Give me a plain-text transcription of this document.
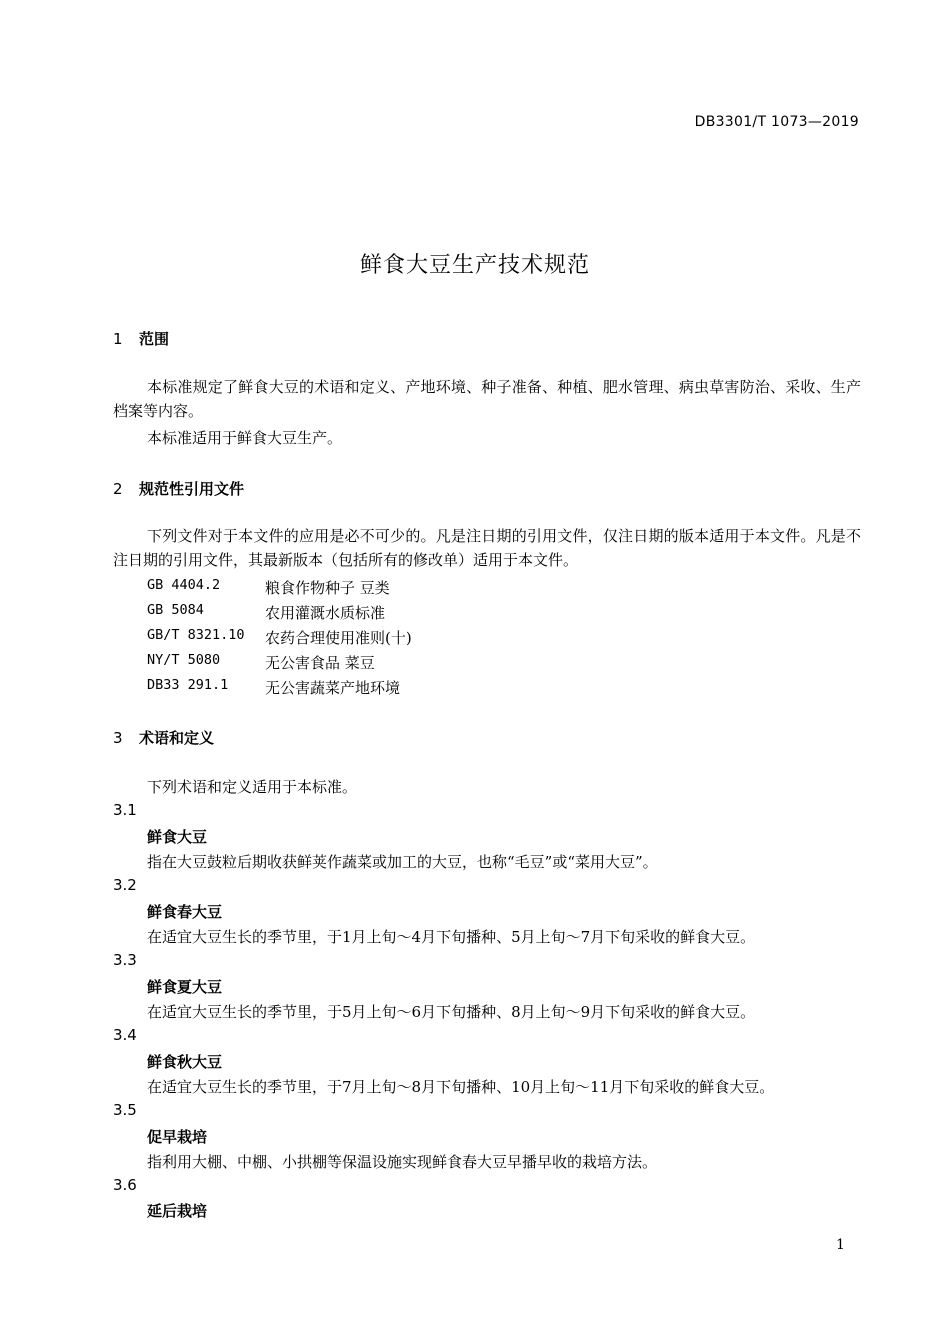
DB3301/T 1073—2019
鲜食大豆生产技术规范
1 范围
本标准规定了鲜食大豆的术语和定义、产地环境、种子准备、种植、肥水管理、病虫草害防治、采收、生产档案等内容。
本标准适用于鲜食大豆生产。
2 规范性引用文件
下列文件对于本文件的应用是必不可少的。凡是注日期的引用文件，仅注日期的版本适用于本文件。凡是不注日期的引用文件，其最新版本（包括所有的修改单）适用于本文件。
GB 4404.2	粮食作物种子 豆类
GB 5084	农用灌溉水质标准
GB/T 8321.10	农药合理使用准则(十)
NY/T 5080	无公害食品 菜豆
DB33 291.1	无公害蔬菜产地环境
3 术语和定义
下列术语和定义适用于本标准。
3.1
鲜食大豆
指在大豆鼓粒后期收获鲜荚作蔬菜或加工的大豆，也称“毛豆”或“菜用大豆”。
3.2
鲜食春大豆
在适宜大豆生长的季节里，于1月上旬～4月下旬播种、5月上旬～7月下旬采收的鲜食大豆。
3.3
鲜食夏大豆
在适宜大豆生长的季节里，于5月上旬～6月下旬播种、8月上旬～9月下旬采收的鲜食大豆。
3.4
鲜食秋大豆
在适宜大豆生长的季节里，于7月上旬～8月下旬播种、10月上旬～11月下旬采收的鲜食大豆。
3.5
促早栽培
指利用大棚、中棚、小拱棚等保温设施实现鲜食春大豆早播早收的栽培方法。
3.6
延后栽培
1
